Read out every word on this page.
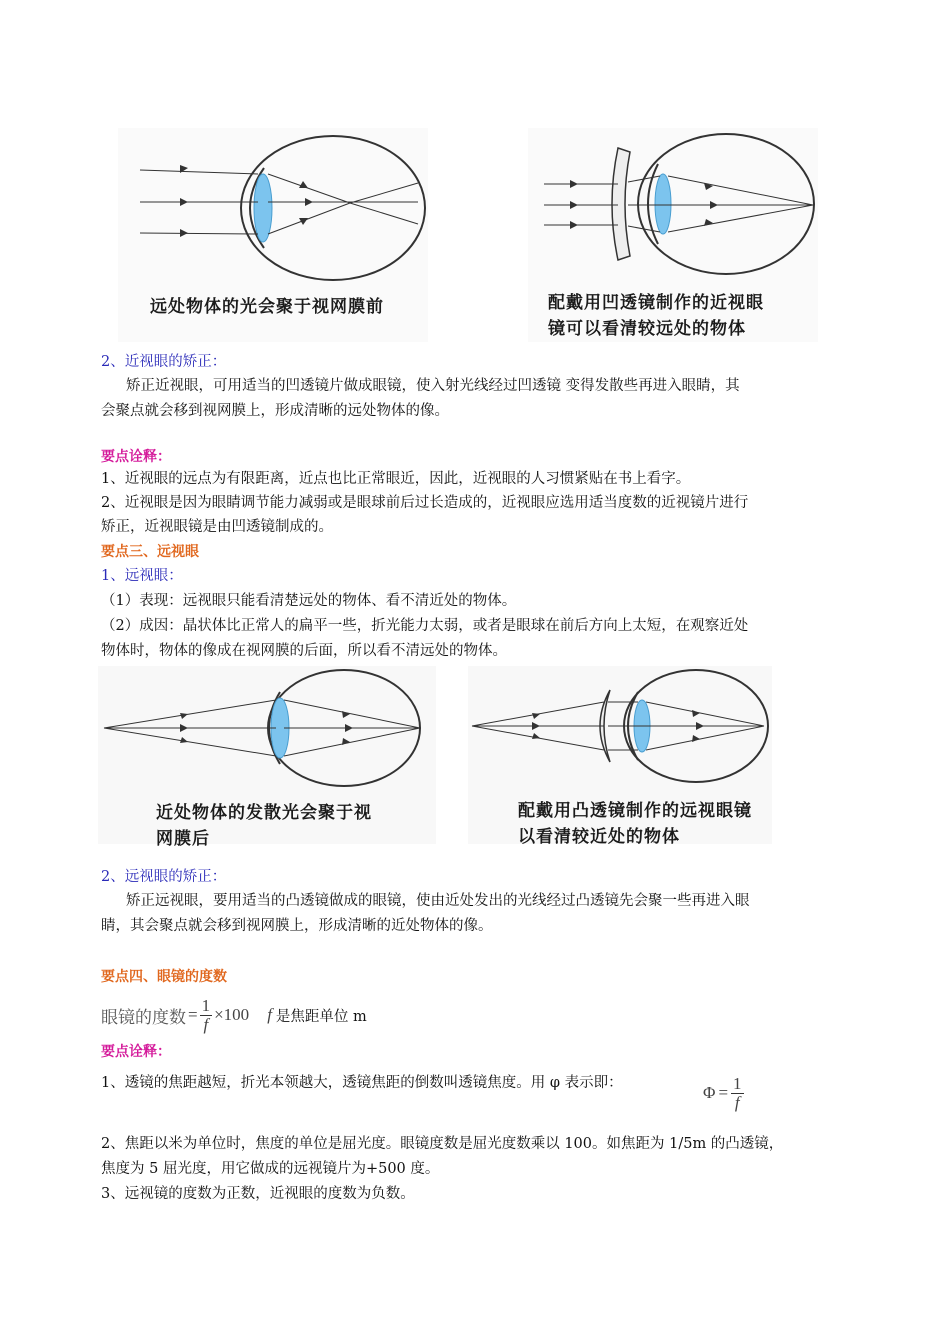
远处物体的光会聚于视网膜前	配戴用凹透镜制作的近视眼
镜可以看清较远处的物体
2、近视眼的矫正：
矫正近视眼，可用适当的凹透镜片做成眼镜，使入射光线经过凹透镜 变得发散些再进入眼睛，其
会聚点就会移到视网膜上，形成清晰的远处物体的像。
要点诠释：
1、近视眼的远点为有限距离，近点也比正常眼近，因此，近视眼的人习惯紧贴在书上看字。
2、近视眼是因为眼睛调节能力减弱或是眼球前后过长造成的，近视眼应选用适当度数的近视镜片进行
矫正，近视眼镜是由凹透镜制成的。
要点三、远视眼
1、远视眼：
（1）表现：远视眼只能看清楚远处的物体、看不清近处的物体。
（2）成因：晶状体比正常人的扁平一些，折光能力太弱，或者是眼球在前后方向上太短，在观察近处
物体时，物体的像成在视网膜的后面，所以看不清远处的物体。
近处物体的发散光会聚于视
网膜后
配戴用凸透镜制作的远视眼镜
以看清较近处的物体
2、远视眼的矫正：
矫正远视眼，要用适当的凸透镜做成的眼镜，使由近处发出的光线经过凸透镜先会聚一些再进入眼
睛，其会聚点就会移到视网膜上，形成清晰的近处物体的像。
要点四、眼镜的度数
眼镜的度数 = $\frac{1}{f} \times 100$ f 是焦距单位 m
要点诠释：
1、透镜的焦距越短，折光本领越大，透镜焦距的倒数叫透镜焦度。用 φ 表示即：	$\Phi = \frac{1}{f}$
2、焦距以米为单位时，焦度的单位是屈光度。眼镜度数是屈光度数乘以 100。如焦距为 1/5m 的凸透镜，
焦度为 5 屈光度，用它做成的远视镜片为+500 度。
3、远视镜的度数为正数，近视眼的度数为负数。
